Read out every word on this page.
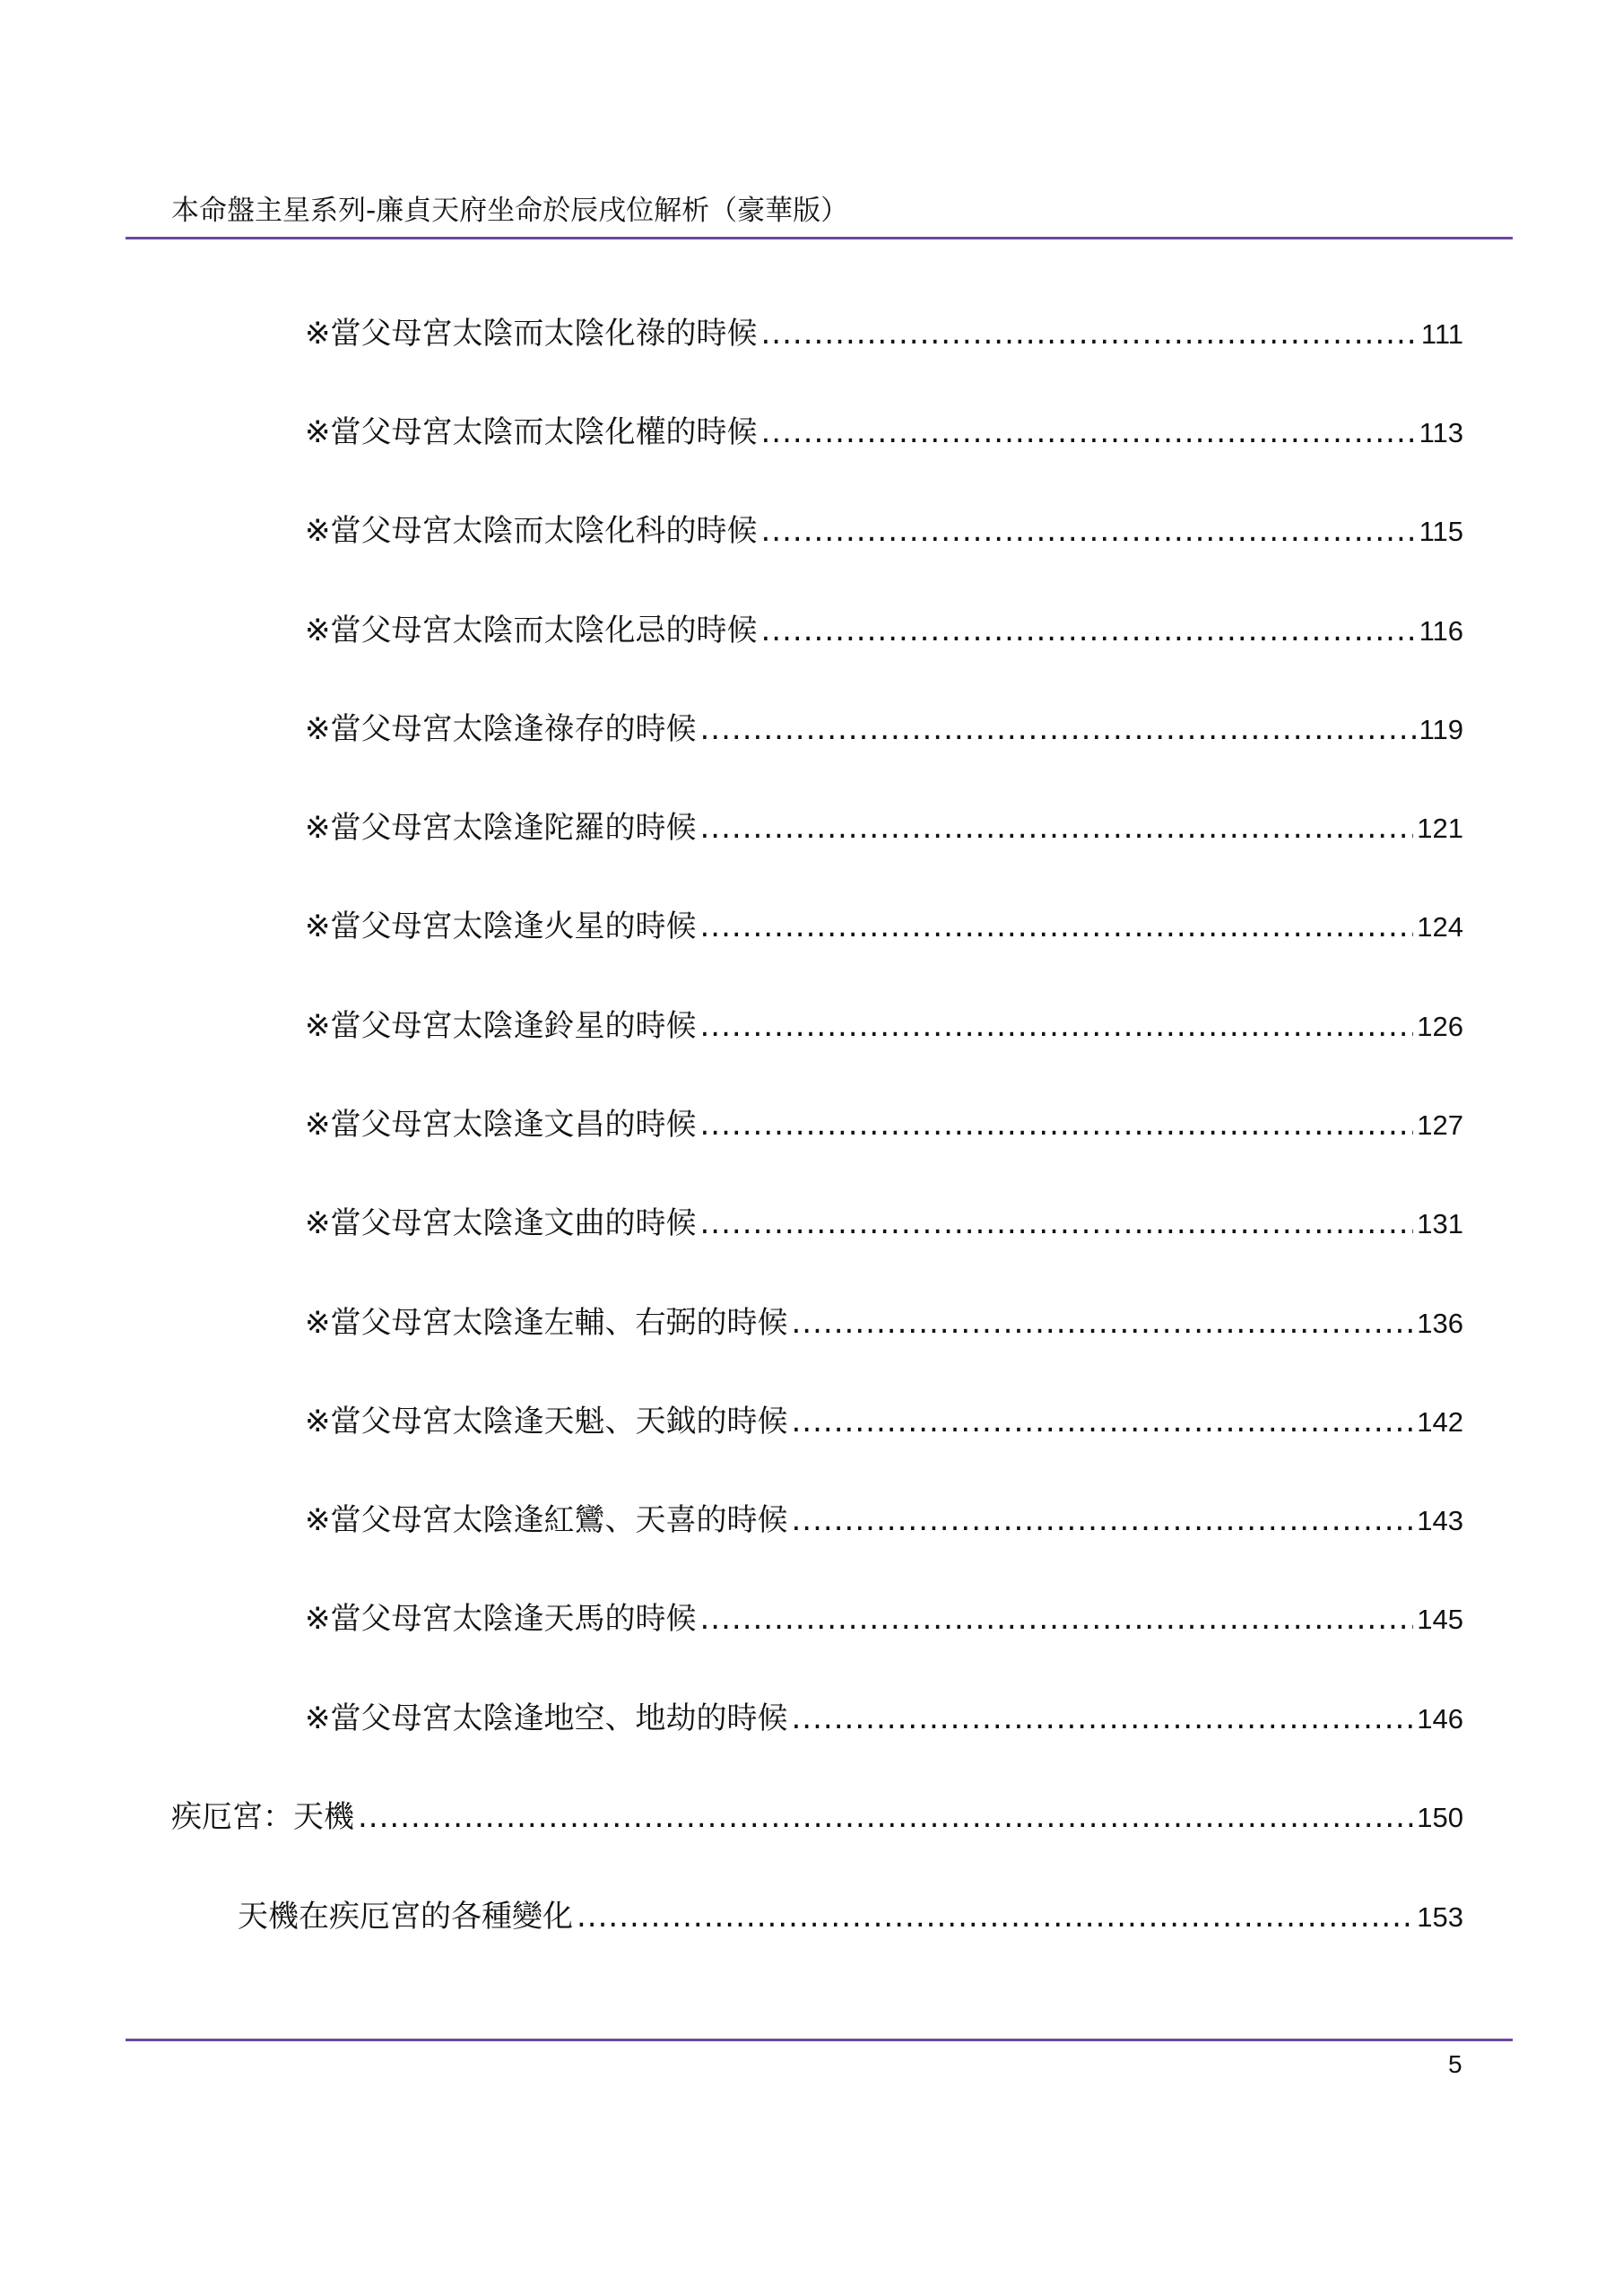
本命盤主星系列-廉貞天府坐命於辰戌位解析（豪華版）
※當父母宮太陰而太陰化祿的時候 .....	111
※當父母宮太陰而太陰化權的時候 .....	113
※當父母宮太陰而太陰化科的時候 .....	115
※當父母宮太陰而太陰化忌的時候 .....	116
※當父母宮太陰逢祿存的時候 .....	119
※當父母宮太陰逢陀羅的時候 .....	121
※當父母宮太陰逢火星的時候 .....	124
※當父母宮太陰逢鈴星的時候 .....	126
※當父母宮太陰逢文昌的時候 .....	127
※當父母宮太陰逢文曲的時候 .....	131
※當父母宮太陰逢左輔、右弼的時候 .....	136
※當父母宮太陰逢天魁、天鉞的時候 .....	142
※當父母宮太陰逢紅鸞、天喜的時候 .....	143
※當父母宮太陰逢天馬的時候 .....	145
※當父母宮太陰逢地空、地劫的時候 .....	146
疾厄宮：天機 .....	150
天機在疾厄宮的各種變化 .....	153
5
